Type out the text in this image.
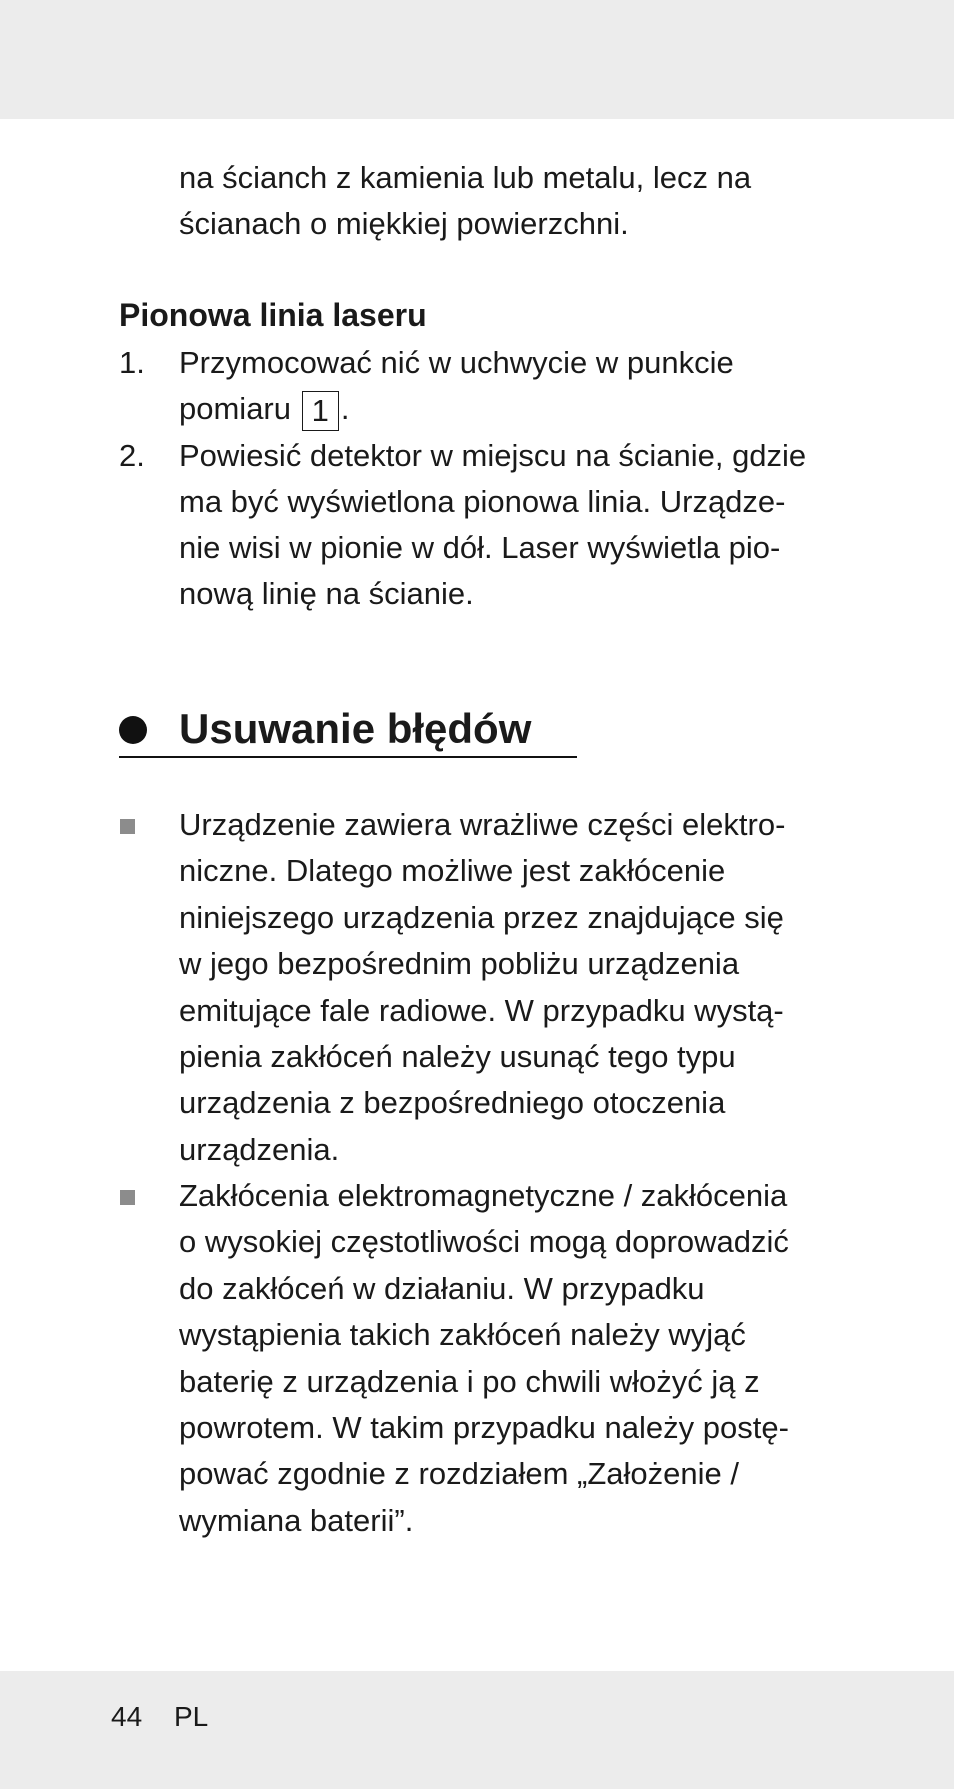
na ścianch z kamienia lub metalu, lecz na
ścianach o miękkiej powierzchni.
Pionowa linia laseru
1. Przymocować nić w uchwycie w punkcie
pomiaru 1 .
2. Powiesić detektor w miejscu na ścianie, gdzie
ma być wyświetlona pionowa linia. Urządze-
nie wisi w pionie w dół. Laser wyświetla pio-
nową linię na ścianie.
Usuwanie błędów
Urządzenie zawiera wrażliwe części elektro-
niczne. Dlatego możliwe jest zakłócenie
niniejszego urządzenia przez znajdujące się
w jego bezpośrednim pobliżu urządzenia
emitujące fale radiowe. W przypadku wystą-
pienia zakłóceń należy usunąć tego typu
urządzenia z bezpośredniego otoczenia
urządzenia.
Zakłócenia elektromagnetyczne / zakłócenia
o wysokiej częstotliwości mogą doprowadzić
do zakłóceń w działaniu. W przypadku
wystąpienia takich zakłóceń należy wyjąć
baterię z urządzenia i po chwili włożyć ją z
powrotem. W takim przypadku należy postę-
pować zgodnie z rozdziałem „Założenie /
wymiana baterii”.
44 PL
